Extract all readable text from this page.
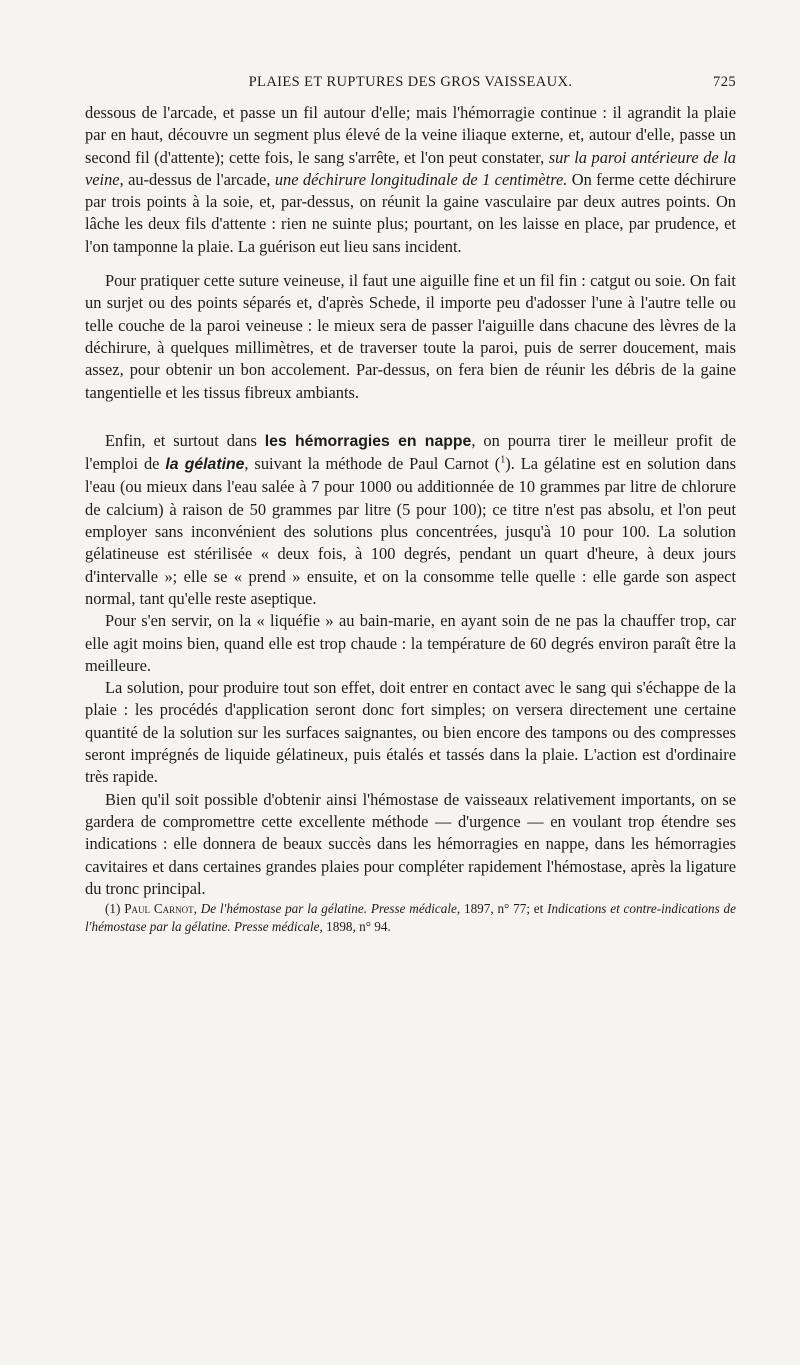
PLAIES ET RUPTURES DES GROS VAISSEAUX.	725

dessous de l'arcade, et passe un fil autour d'elle; mais l'hémorragie continue : il agrandit la plaie par en haut, découvre un segment plus élevé de la veine iliaque externe, et, autour d'elle, passe un second fil (d'attente); cette fois, le sang s'arrête, et l'on peut constater, sur la paroi antérieure de la veine, au-dessus de l'arcade, une déchirure longitudinale de 1 centimètre. On ferme cette déchirure par trois points à la soie, et, par-dessus, on réunit la gaine vasculaire par deux autres points. On lâche les deux fils d'attente : rien ne suinte plus; pourtant, on les laisse en place, par prudence, et l'on tamponne la plaie. La guérison eut lieu sans incident.

Pour pratiquer cette suture veineuse, il faut une aiguille fine et un fil fin : catgut ou soie. On fait un surjet ou des points séparés et, d'après Schede, il importe peu d'adosser l'une à l'autre telle ou telle couche de la paroi veineuse : le mieux sera de passer l'aiguille dans chacune des lèvres de la déchirure, à quelques millimètres, et de traverser toute la paroi, puis de serrer doucement, mais assez, pour obtenir un bon accolement. Par-dessus, on fera bien de réunir les débris de la gaine tangentielle et les tissus fibreux ambiants.

Enfin, et surtout dans les hémorragies en nappe, on pourra tirer le meilleur profit de l'emploi de la gélatine, suivant la méthode de Paul Carnot ($^1$). La gélatine est en solution dans l'eau (ou mieux dans l'eau salée à 7 pour 1000 ou additionnée de 10 grammes par litre de chlorure de calcium) à raison de 50 grammes par litre (5 pour 100); ce titre n'est pas absolu, et l'on peut employer sans inconvénient des solutions plus concentrées, jusqu'à 10 pour 100. La solution gélatineuse est stérilisée « deux fois, à 100 degrés, pendant un quart d'heure, à deux jours d'intervalle »; elle se « prend » ensuite, et on la consomme telle quelle : elle garde son aspect normal, tant qu'elle reste aseptique.

Pour s'en servir, on la « liquéfie » au bain-marie, en ayant soin de ne pas la chauffer trop, car elle agit moins bien, quand elle est trop chaude : la température de 60 degrés environ paraît être la meilleure.

La solution, pour produire tout son effet, doit entrer en contact avec le sang qui s'échappe de la plaie : les procédés d'application seront donc fort simples; on versera directement une certaine quantité de la solution sur les surfaces saignantes, ou bien encore des tampons ou des compresses seront imprégnés de liquide gélatineux, puis étalés et tassés dans la plaie. L'action est d'ordinaire très rapide.

Bien qu'il soit possible d'obtenir ainsi l'hémostase de vaisseaux relativement importants, on se gardera de compromettre cette excellente méthode — d'urgence — en voulant trop étendre ses indications : elle donnera de beaux succès dans les hémorragies en nappe, dans les hémorragies cavitaires et dans certaines grandes plaies pour compléter rapidement l'hémostase, après la ligature du tronc principal.

(1) Paul Carnot, De l'hémostase par la gélatine. Presse médicale, 1897, n° 77; et Indications et contre-indications de l'hémostase par la gélatine. Presse médicale, 1898, n° 94.
